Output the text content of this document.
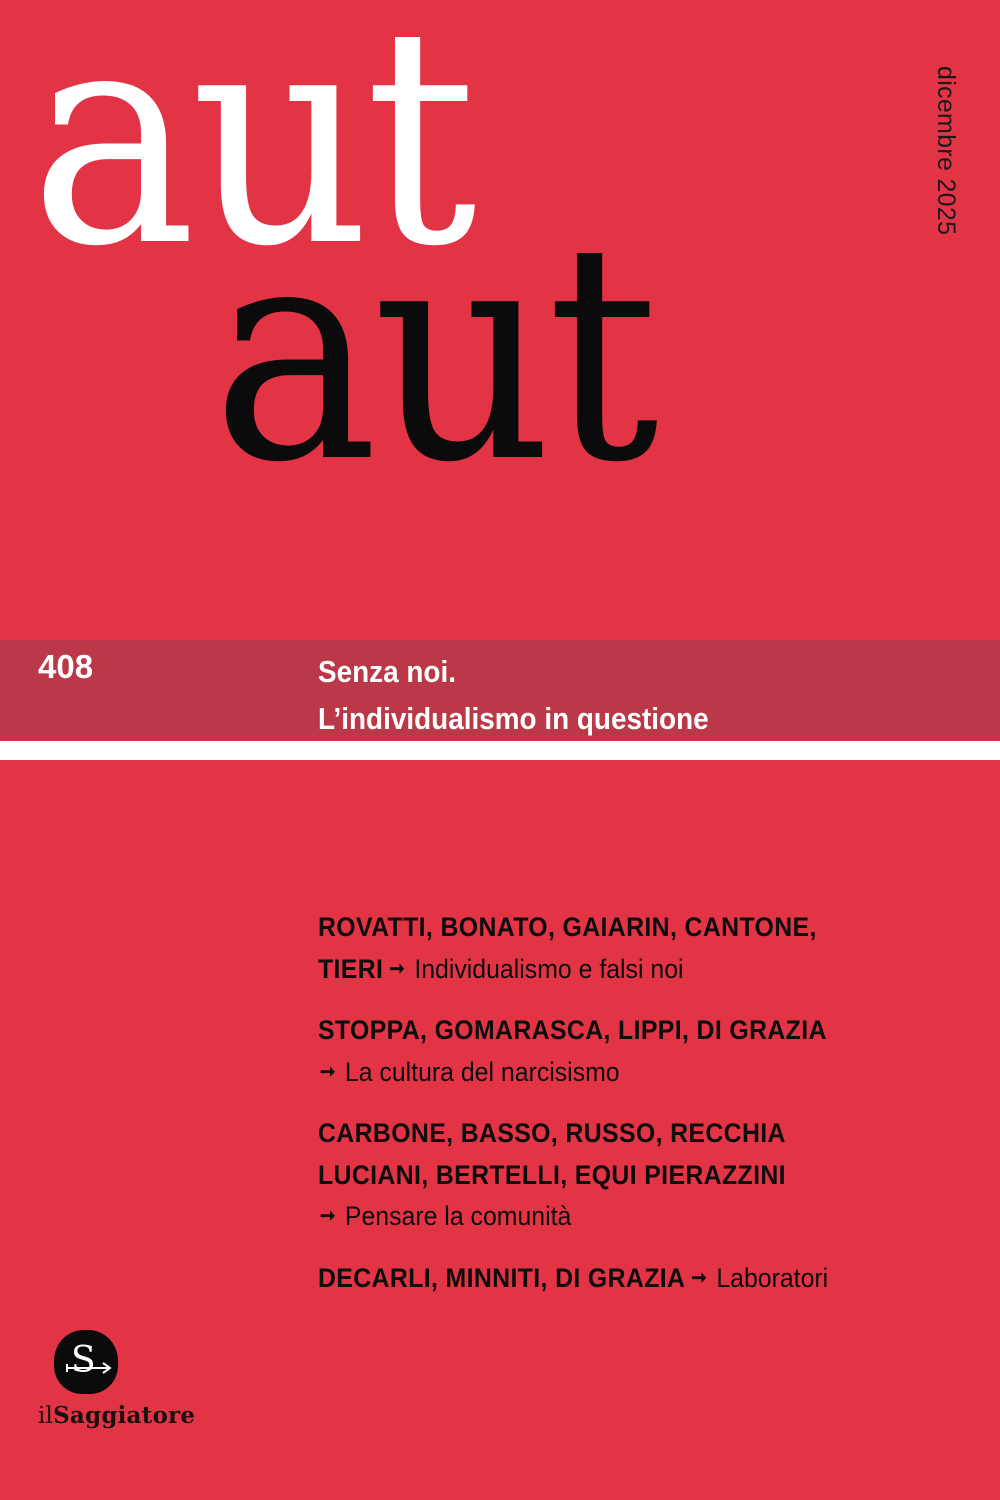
aut
aut
dicembre 2025
408	Senza noi.
L’individualismo in questione
ROVATTI, BONATO, GAIARIN, CANTONE,
TIERI ➞ Individualismo e falsi noi
STOPPA, GOMARASCA, LIPPI, DI GRAZIA
➞ La cultura del narcisismo
CARBONE, BASSO, RUSSO, RECCHIA
LUCIANI, BERTELLI, EQUI PIERAZZINI
➞ Pensare la comunità
DECARLI, MINNITI, DI GRAZIA ➞ Laboratori
S
ilSaggiatore
